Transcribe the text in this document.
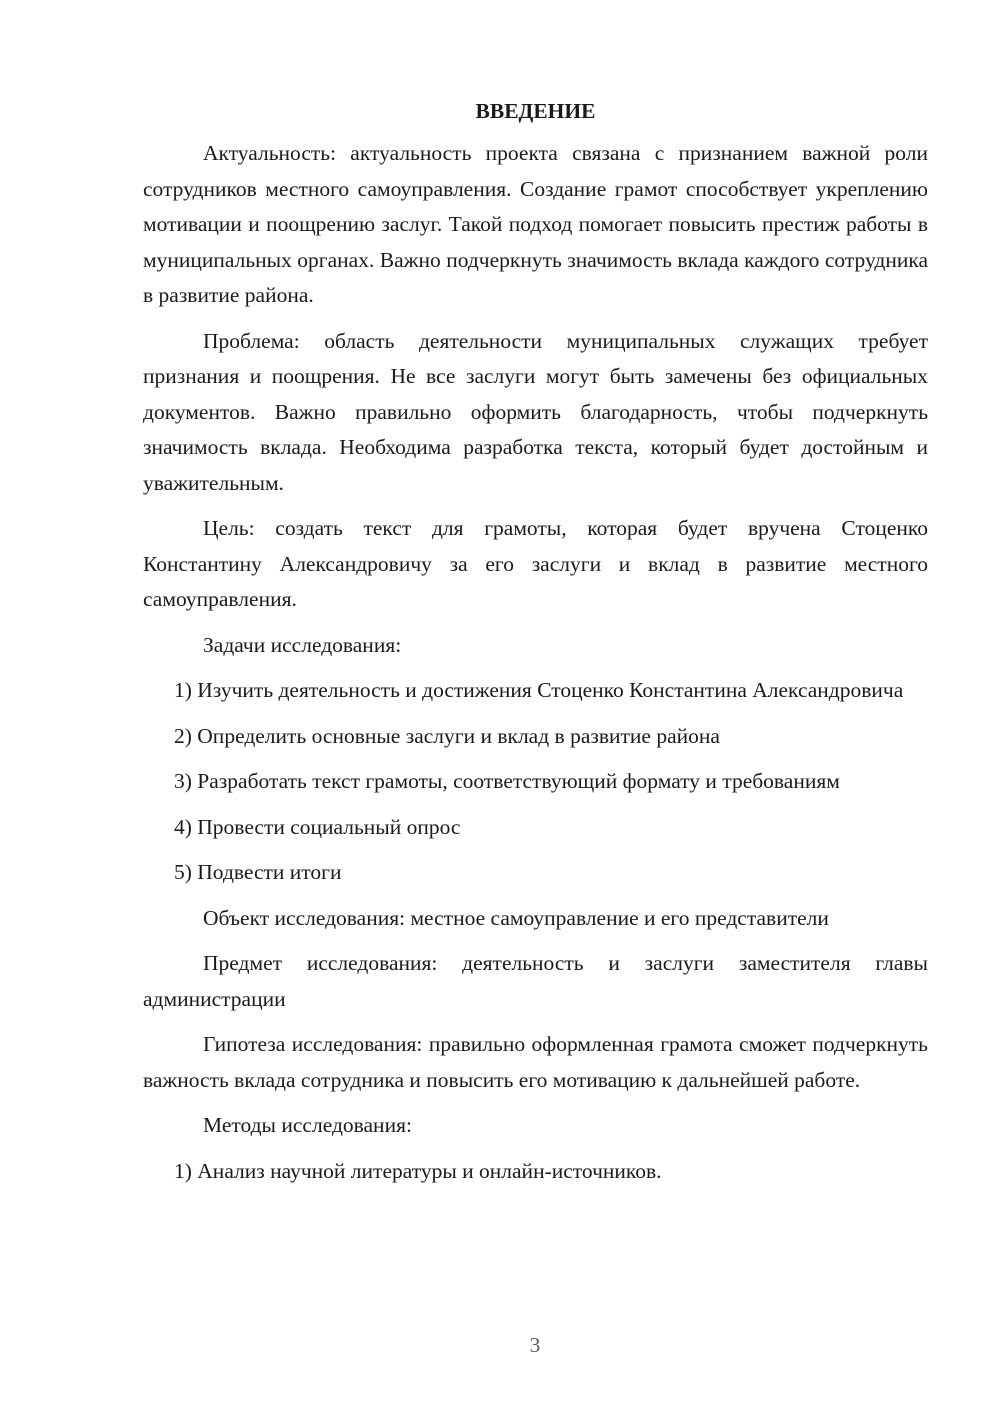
ВВЕДЕНИЕ
Актуальность: актуальность проекта связана с признанием важной роли сотрудников местного самоуправления. Создание грамот способствует укреплению мотивации и поощрению заслуг. Такой подход помогает повысить престиж работы в муниципальных органах. Важно подчеркнуть значимость вклада каждого сотрудника в развитие района.
Проблема: область деятельности муниципальных служащих требует признания и поощрения. Не все заслуги могут быть замечены без официальных документов. Важно правильно оформить благодарность, чтобы подчеркнуть значимость вклада. Необходима разработка текста, который будет достойным и уважительным.
Цель: создать текст для грамоты, которая будет вручена Стоценко Константину Александровичу за его заслуги и вклад в развитие местного самоуправления.
Задачи исследования:
1) Изучить деятельность и достижения Стоценко Константина Александровича
2) Определить основные заслуги и вклад в развитие района
3) Разработать текст грамоты, соответствующий формату и требованиям
4) Провести социальный опрос
5) Подвести итоги
Объект исследования: местное самоуправление и его представители
Предмет исследования: деятельность и заслуги заместителя главы администрации
Гипотеза исследования: правильно оформленная грамота сможет подчеркнуть важность вклада сотрудника и повысить его мотивацию к дальнейшей работе.
Методы исследования:
1) Анализ научной литературы и онлайн-источников.
3
